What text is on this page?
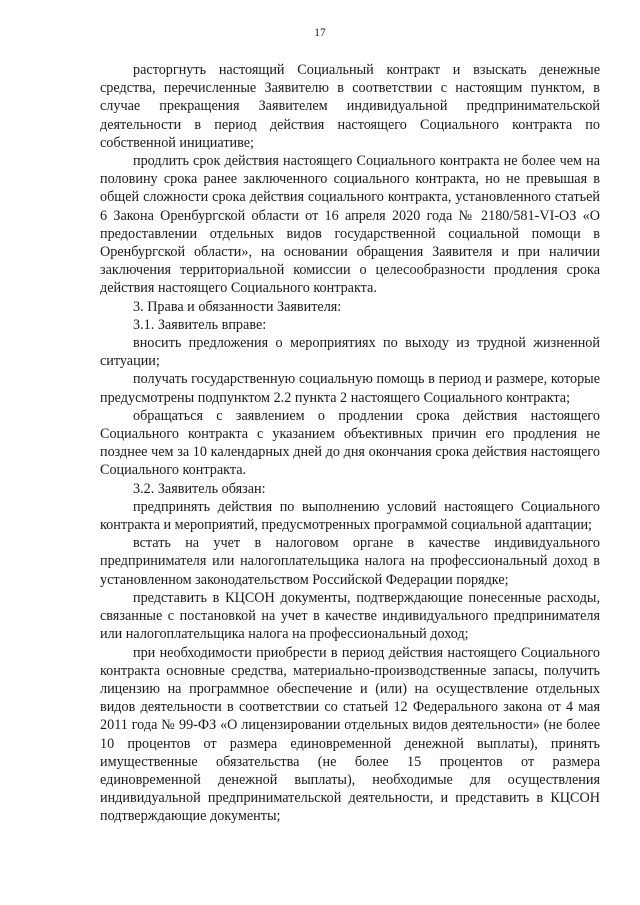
17

расторгнуть настоящий Социальный контракт и взыскать денежные средства, перечисленные Заявителю в соответствии с настоящим пунктом, в случае прекращения Заявителем индивидуальной предпринимательской деятельности в период действия настоящего Социального контракта по собственной инициативе;

продлить срок действия настоящего Социального контракта не более чем на половину срока ранее заключенного социального контракта, но не превышая в общей сложности срока действия социального контракта, установленного статьей 6 Закона Оренбургской области от 16 апреля 2020 года № 2180/581-VI-ОЗ «О предоставлении отдельных видов государственной социальной помощи в Оренбургской области», на основании обращения Заявителя и при наличии заключения территориальной комиссии о целесообразности продления срока действия настоящего Социального контракта.

3. Права и обязанности Заявителя:

3.1. Заявитель вправе:

вносить предложения о мероприятиях по выходу из трудной жизненной ситуации;

получать государственную социальную помощь в период и размере, которые предусмотрены подпунктом 2.2 пункта 2 настоящего Социального контракта;

обращаться с заявлением о продлении срока действия настоящего Социального контракта с указанием объективных причин его продления не позднее чем за 10 календарных дней до дня окончания срока действия настоящего Социального контракта.

3.2. Заявитель обязан:

предпринять действия по выполнению условий настоящего Социального контракта и мероприятий, предусмотренных программой социальной адаптации;

встать на учет в налоговом органе в качестве индивидуального предпринимателя или налогоплательщика налога на профессиональный доход в установленном законодательством Российской Федерации порядке;

представить в КЦСОН документы, подтверждающие понесенные расходы, связанные с постановкой на учет в качестве индивидуального предпринимателя или налогоплательщика налога на профессиональный доход;

при необходимости приобрести в период действия настоящего Социального контракта основные средства, материально-производственные запасы, получить лицензию на программное обеспечение и (или) на осуществление отдельных видов деятельности в соответствии со статьей 12 Федерального закона от 4 мая 2011 года № 99-ФЗ «О лицензировании отдельных видов деятельности» (не более 10 процентов от размера единовременной денежной выплаты), принять имущественные обязательства (не более 15 процентов от размера единовременной денежной выплаты), необходимые для осуществления индивидуальной предпринимательской деятельности, и представить в КЦСОН подтверждающие документы;
